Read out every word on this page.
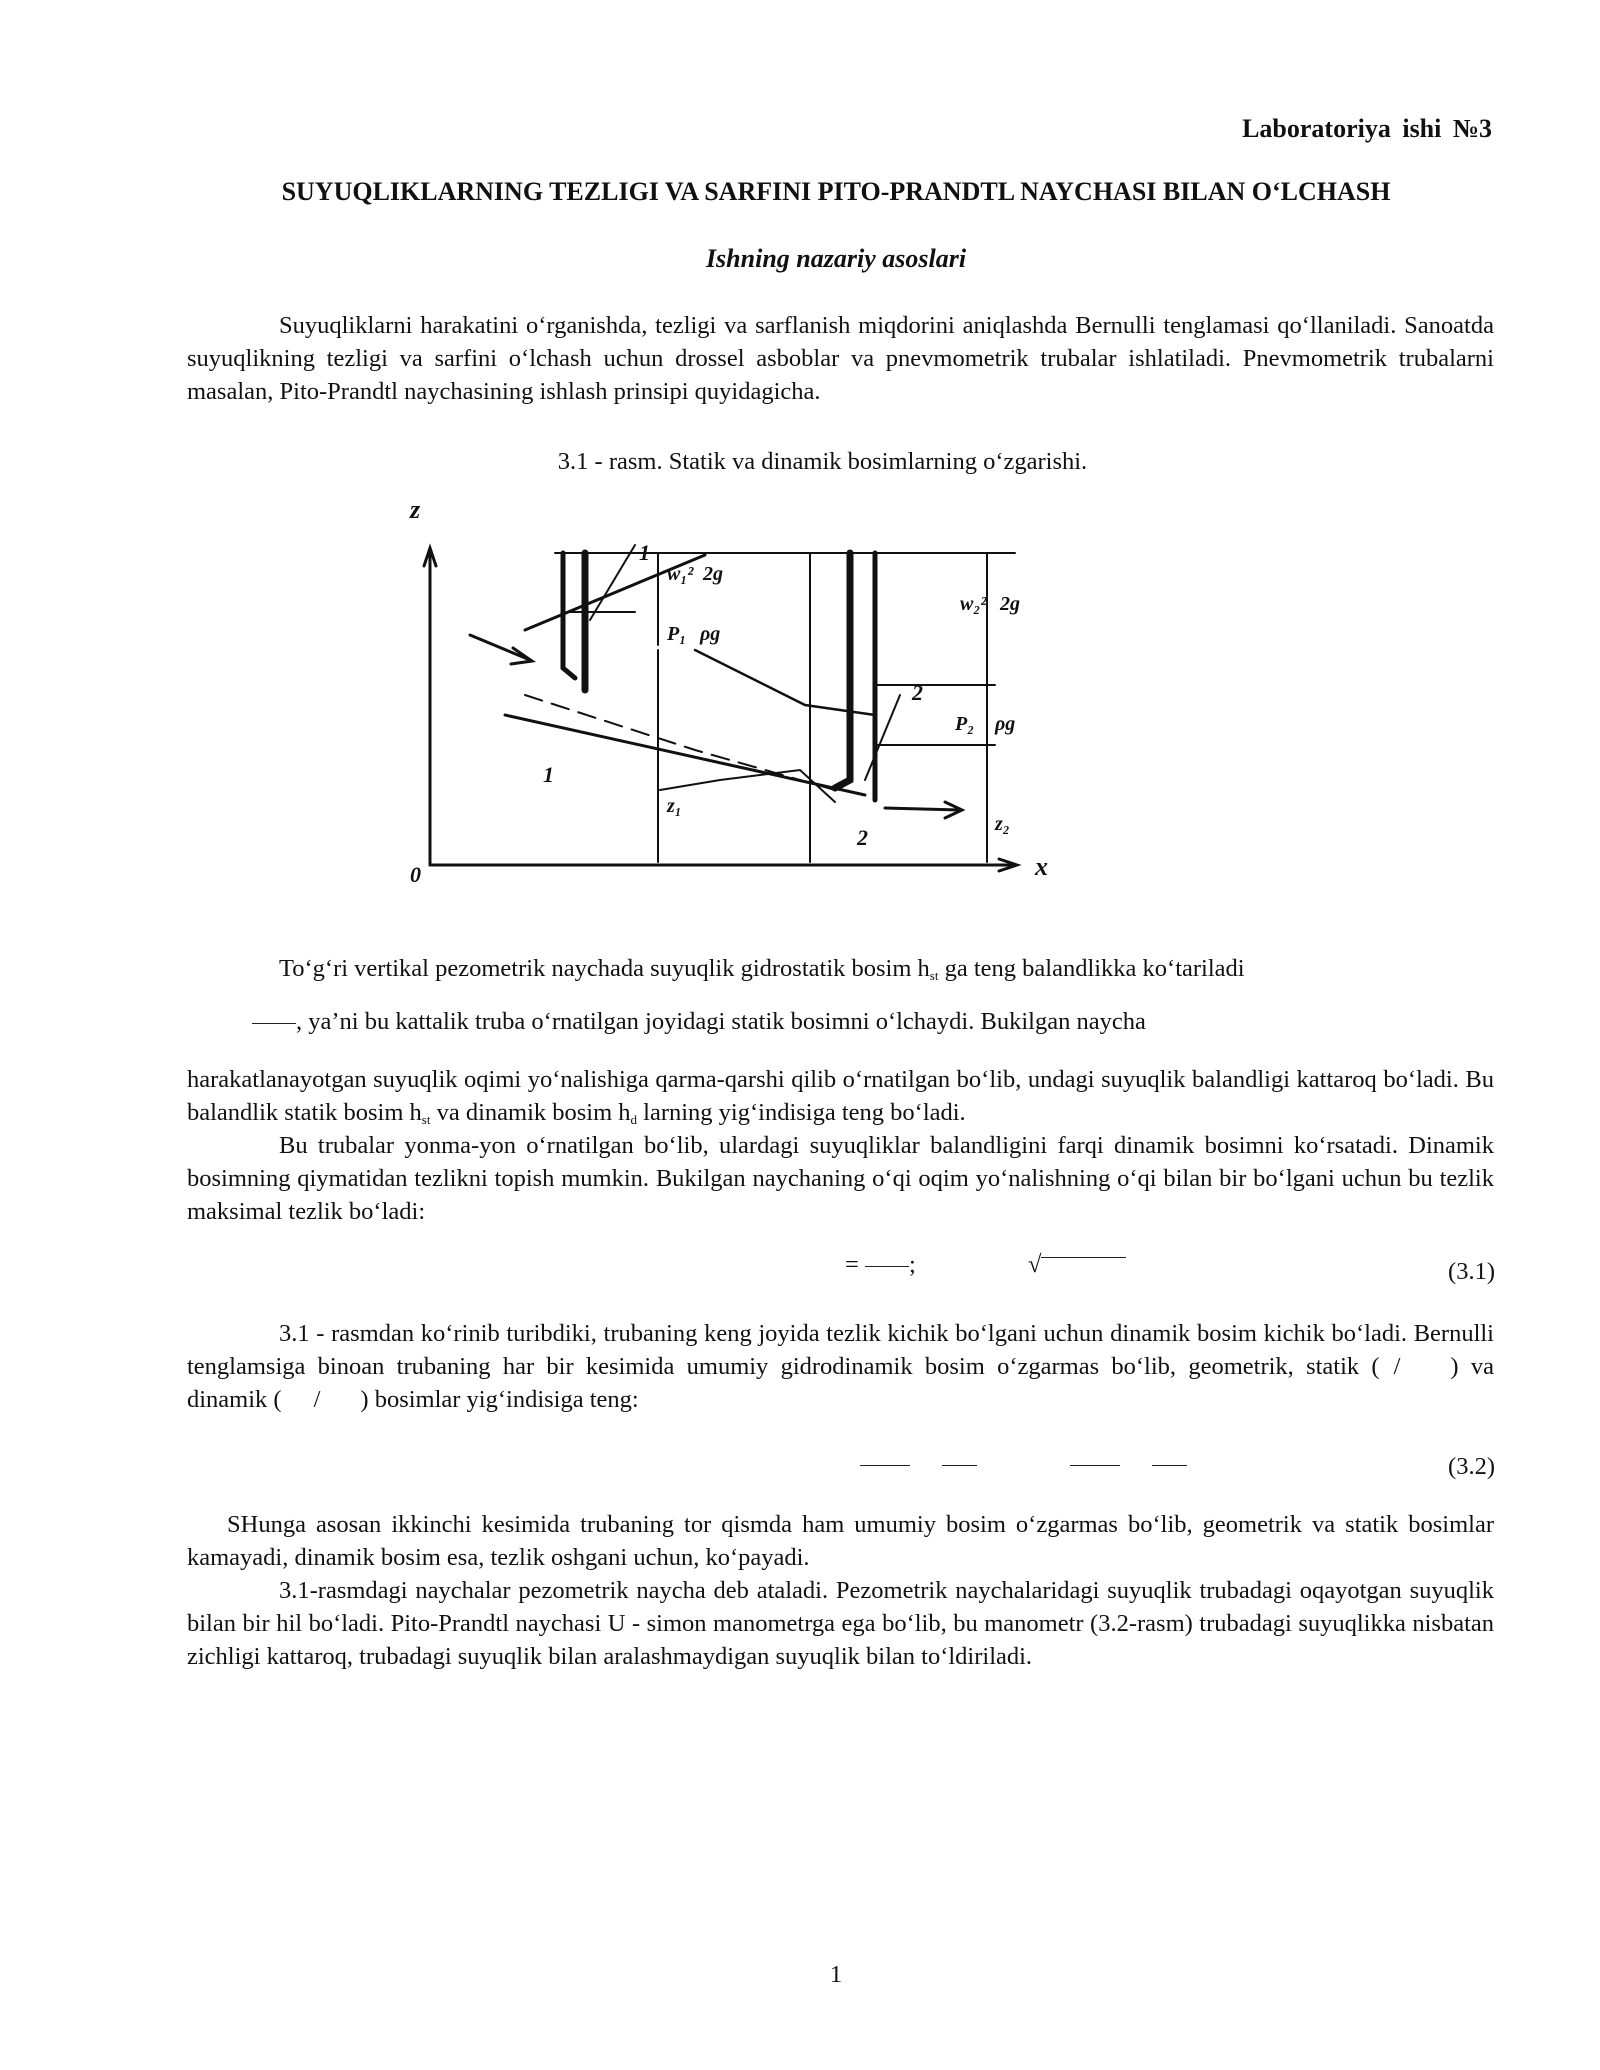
Laboratoriya ishi №3
SUYUQLIKLARNING TEZLIGI VA SARFINI PITO-PRANDTL NAYCHASI BILAN O‘LCHASH
Ishning nazariy asoslari
Suyuqliklarni harakatini o‘rganishda, tezligi va sarflanish miqdorini aniqlashda Bernulli tenglamasi qo‘llaniladi. Sanoatda suyuqlikning tezligi va sarfini o‘lchash uchun drossel asboblar va pnevmometrik trubalar ishlatiladi. Pnevmometrik trubalarni masalan, Pito-Prandtl naychasining ishlash prinsipi quyidagicha.
3.1 - rasm. Statik va dinamik bosimlarning o‘zgarishi.
z
x
0
1
1
2
2
z₁
z₂
w₁² 2g
P₁ ρg
w₂² 2g
P₂ ρg
To‘g‘ri vertikal pezometrik naychada suyuqlik gidrostatik bosim $h_{st}$ ga teng balandlikka ko‘tariladi
, ya’ni bu kattalik truba o‘rnatilgan joyidagi statik bosimni o‘lchaydi. Bukilgan naycha
harakatlanayotgan suyuqlik oqimi yo‘nalishiga qarma-qarshi qilib o‘rnatilgan bo‘lib, undagi suyuqlik balandligi kattaroq bo‘ladi. Bu balandlik statik bosim $h_{st}$ va dinamik bosim $h_d$ larning yig‘indisiga teng bo‘ladi.
Bu trubalar yonma-yon o‘rnatilgan bo‘lib, ulardagi suyuqliklar balandligini farqi dinamik bosimni ko‘rsatadi. Dinamik bosimning qiymatidan tezlikni topish mumkin. Bukilgan naychaning o‘qi oqim yo‘nalishning o‘qi bilan bir bo‘lgani uchun bu tezlik maksimal tezlik bo‘ladi:
= ;	√	(3.1)
3.1 - rasmdan ko‘rinib turibdiki, trubaning keng joyida tezlik kichik bo‘lgani uchun dinamik bosim kichik bo‘ladi. Bernulli tenglamsiga binoan trubaning har bir kesimida umumiy gidrodinamik bosim o‘zgarmas bo‘lib, geometrik, statik ( / ) va dinamik ( / ) bosimlar yig‘indisiga teng:

(3.2)
SHunga asosan ikkinchi kesimida trubaning tor qismda ham umumiy bosim o‘zgarmas bo‘lib, geometrik va statik bosimlar kamayadi, dinamik bosim esa, tezlik oshgani uchun, ko‘payadi.
3.1-rasmdagi naychalar pezometrik naycha deb ataladi. Pezometrik naychalaridagi suyuqlik trubadagi oqayotgan suyuqlik bilan bir hil bo‘ladi. Pito-Prandtl naychasi U - simon manometrga ega bo‘lib, bu manometr (3.2-rasm) trubadagi suyuqlikka nisbatan zichligi kattaroq, trubadagi suyuqlik bilan aralashmaydigan suyuqlik bilan to‘ldiriladi.
1
